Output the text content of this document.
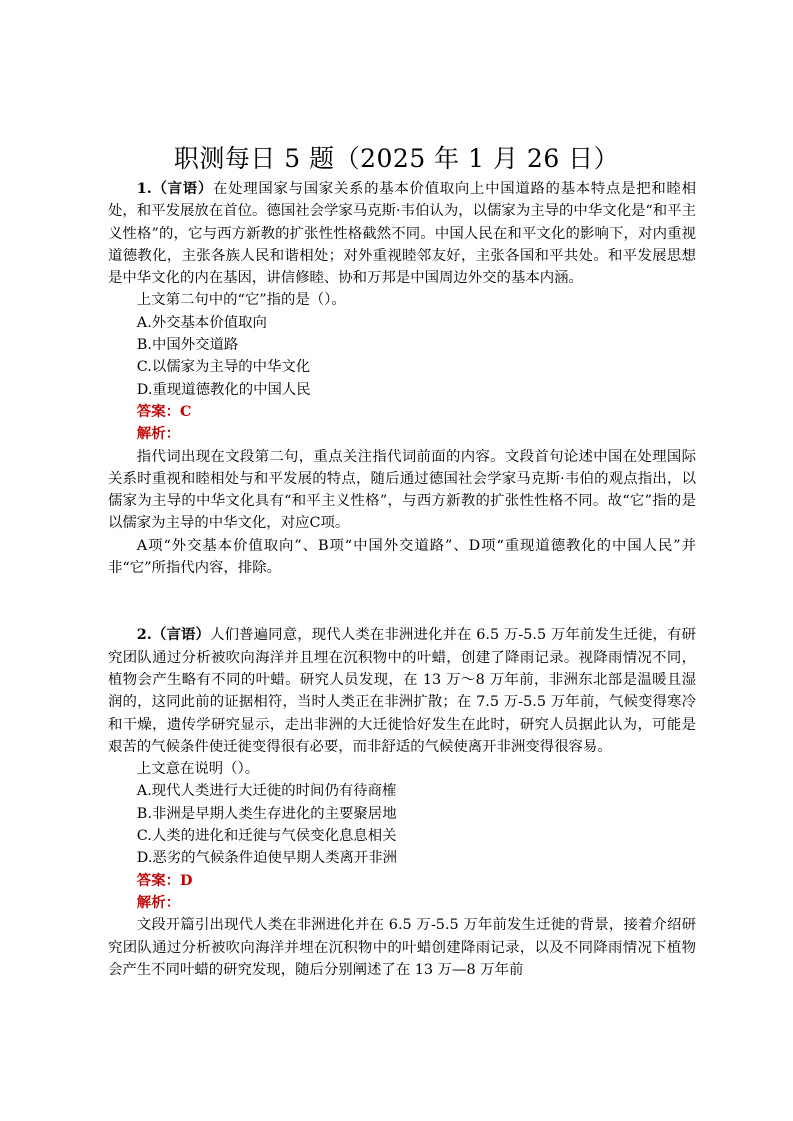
职测每日 5 题（2025 年 1 月 26 日）

1.（言语）在处理国家与国家关系的基本价值取向上中国道路的基本特点是把和睦相处，和平发展放在首位。德国社会学家马克斯·韦伯认为，以儒家为主导的中华文化是“和平主义性格”的，它与西方新教的扩张性性格截然不同。中国人民在和平文化的影响下，对内重视道德教化，主张各族人民和谐相处；对外重视睦邻友好，主张各国和平共处。和平发展思想是中华文化的内在基因，讲信修睦、协和万邦是中国周边外交的基本内涵。

上文第二句中的“它”指的是（）。

A.外交基本价值取向

B.中国外交道路

C.以儒家为主导的中华文化

D.重现道德教化的中国人民

答案：C

解析：

指代词出现在文段第二句，重点关注指代词前面的内容。文段首句论述中国在处理国际关系时重视和睦相处与和平发展的特点，随后通过德国社会学家马克斯·韦伯的观点指出，以儒家为主导的中华文化具有“和平主义性格”，与西方新教的扩张性性格不同。故“它”指的是以儒家为主导的中华文化，对应C项。

A项“外交基本价值取向”、B项“中国外交道路”、D项“重现道德教化的中国人民”并非“它”所指代内容，排除。

2.（言语）人们普遍同意，现代人类在非洲进化并在 6.5 万-5.5 万年前发生迁徙，有研究团队通过分析被吹向海洋并且埋在沉积物中的叶蜡，创建了降雨记录。视降雨情况不同，植物会产生略有不同的叶蜡。研究人员发现，在 13 万～8 万年前，非洲东北部是温暖且湿润的，这同此前的证据相符，当时人类正在非洲扩散；在 7.5 万-5.5 万年前，气候变得寒冷和干燥，遗传学研究显示，走出非洲的大迁徙恰好发生在此时，研究人员据此认为，可能是艰苦的气候条件使迁徙变得很有必要，而非舒适的气候使离开非洲变得很容易。

上文意在说明（）。

A.现代人类进行大迁徙的时间仍有待商榷

B.非洲是早期人类生存进化的主要聚居地

C.人类的进化和迁徙与气侯变化息息相关

D.恶劣的气候条件迫使早期人类离开非洲

答案：D

解析：

文段开篇引出现代人类在非洲进化并在 6.5 万-5.5 万年前发生迁徙的背景，接着介绍研究团队通过分析被吹向海洋并埋在沉积物中的叶蜡创建降雨记录，以及不同降雨情况下植物会产生不同叶蜡的研究发现，随后分别阐述了在 13 万—8 万年前
